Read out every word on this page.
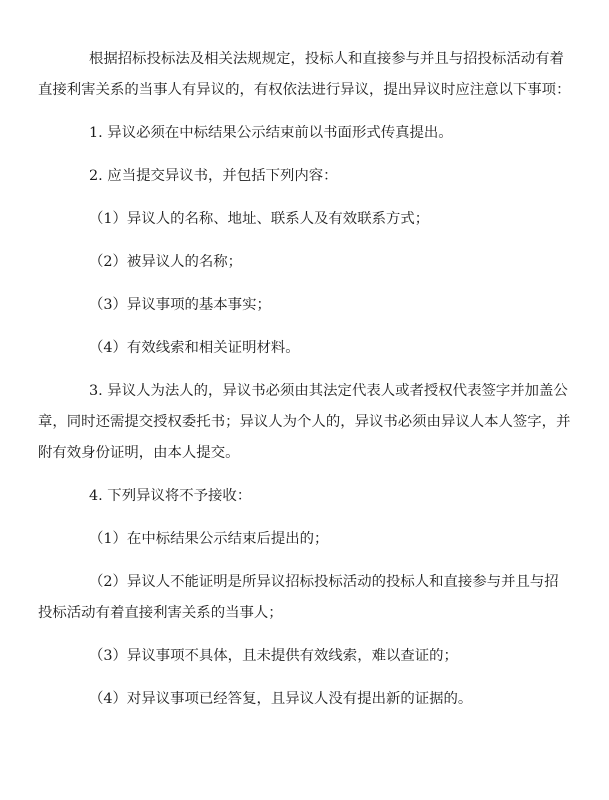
根据招标投标法及相关法规规定，投标人和直接参与并且与招投标活动有着直接利害关系的当事人有异议的，有权依法进行异议，提出异议时应注意以下事项：

1. 异议必须在中标结果公示结束前以书面形式传真提出。

2. 应当提交异议书，并包括下列内容：

（1）异议人的名称、地址、联系人及有效联系方式；

（2）被异议人的名称；

（3）异议事项的基本事实；

（4）有效线索和相关证明材料。

3. 异议人为法人的，异议书必须由其法定代表人或者授权代表签字并加盖公章，同时还需提交授权委托书；异议人为个人的，异议书必须由异议人本人签字，并附有效身份证明，由本人提交。

4. 下列异议将不予接收：

（1）在中标结果公示结束后提出的；

（2）异议人不能证明是所异议招标投标活动的投标人和直接参与并且与招投标活动有着直接利害关系的当事人；

（3）异议事项不具体，且未提供有效线索，难以查证的；

（4）对异议事项已经答复，且异议人没有提出新的证据的。
